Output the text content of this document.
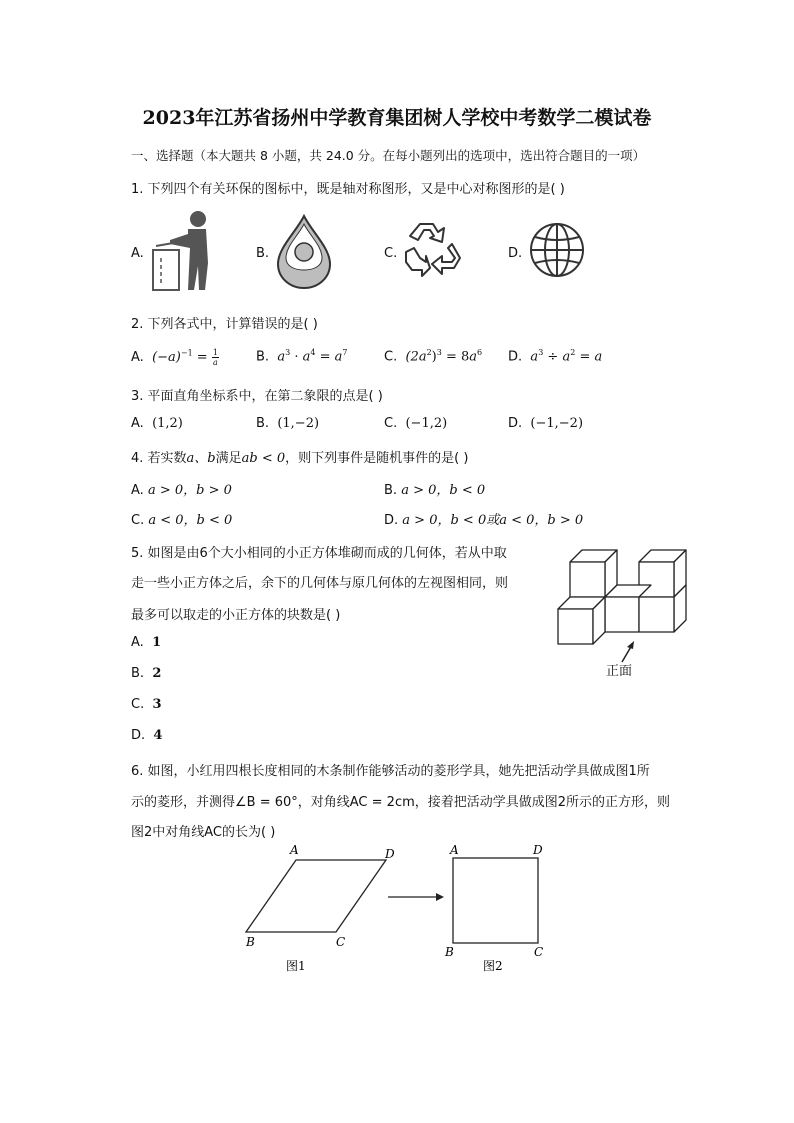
2023年江苏省扬州中学教育集团树人学校中考数学二模试卷
一、选择题（本大题共 8 小题，共 24.0 分。在每小题列出的选项中，选出符合题目的一项）
1. 下列四个有关环保的图标中，既是轴对称图形，又是中心对称图形的是( )
A.	B.	C.	D.
2. 下列各式中，计算错误的是( )
A. $(-a)^{-1} = \frac{1}{a}$	B. $a^3 \cdot a^4 = a^7$	C. $(2a^2)^3 = 8a^6$ D. $a^3 \div a^2 = a$
3. 平面直角坐标系中，在第二象限的点是( )
A. (1,2)	B. (1,−2)	C. (−1,2)	D. (−1,−2)
4. 若实数a、b满足ab < 0，则下列事件是随机事件的是( )
A. a > 0，b > 0	B. a > 0，b < 0
C. a < 0，b < 0	D. a > 0，b < 0或a < 0，b > 0
5. 如图是由6个大小相同的小正方体堆砌而成的几何体，若从中取
走一些小正方体之后，余下的几何体与原几何体的左视图相同，则
最多可以取走的小正方体的块数是( )
A. 1
B. 2
C. 3
D. 4
正面
6. 如图，小红用四根长度相同的木条制作能够活动的菱形学具，她先把活动学具做成图1所
示的菱形，并测得∠B = 60°，对角线AC = 2cm，接着把活动学具做成图2所示的正方形，则
图2中对角线AC的长为( )
A	D
B	C
图1
A	D
B	C
图2
